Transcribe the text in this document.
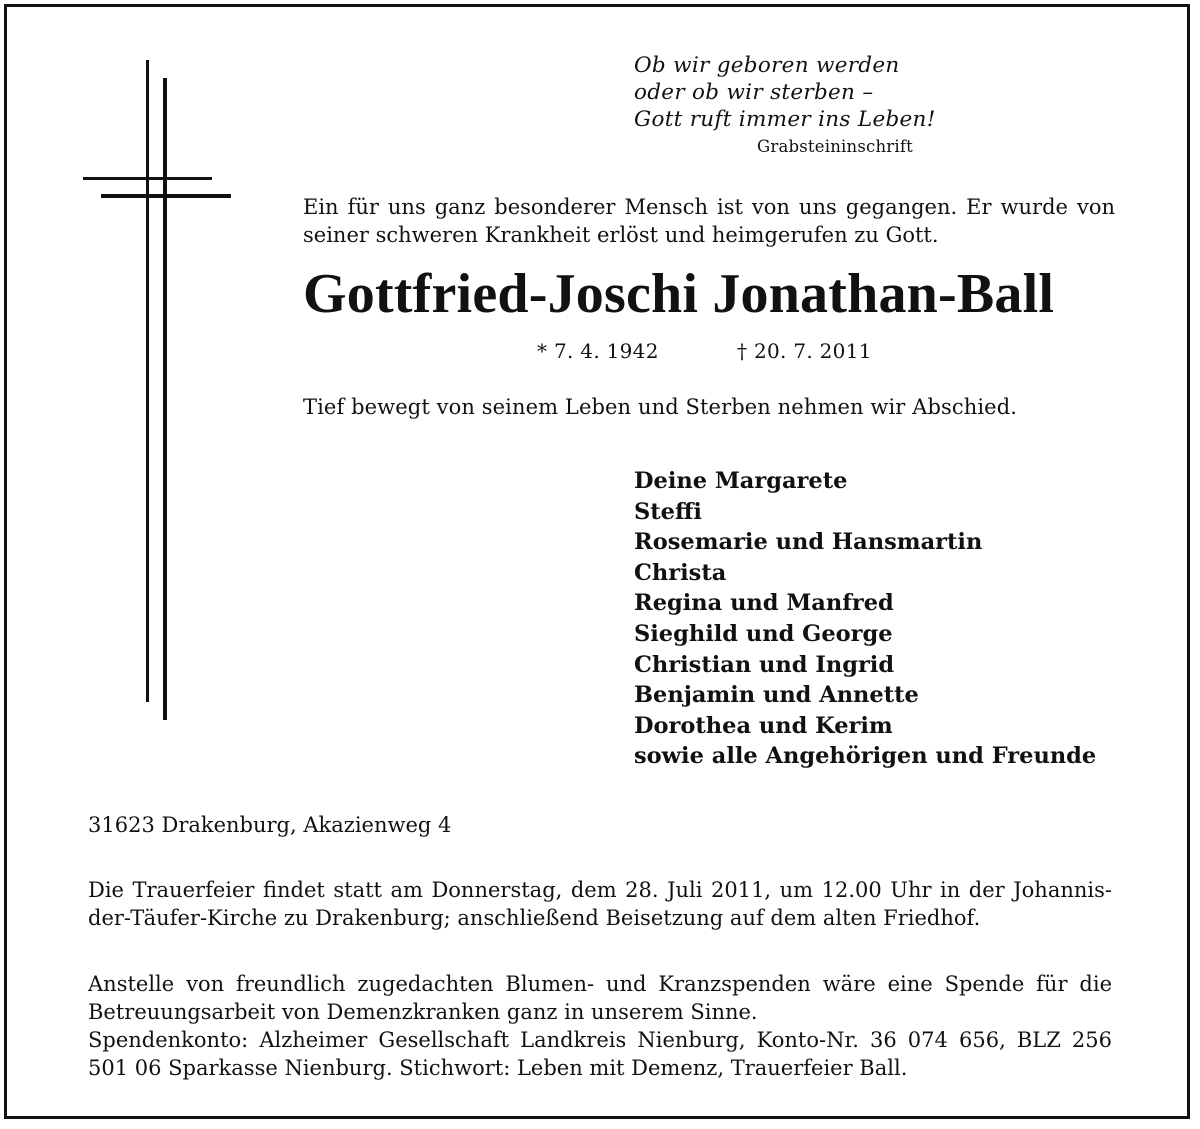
Ob wir geboren werden
oder ob wir sterben –
Gott ruft immer ins Leben!
Grabsteininschrift
Ein für uns ganz besonderer Mensch ist von uns gegangen. Er wurde von seiner schweren Krankheit erlöst und heimgerufen zu Gott.
Gottfried-Joschi Jonathan-Ball
* 7. 4. 1942	† 20. 7. 2011
Tief bewegt von seinem Leben und Sterben nehmen wir Abschied.
Deine Margarete
Steffi
Rosemarie und Hansmartin
Christa
Regina und Manfred
Sieghild und George
Christian und Ingrid
Benjamin und Annette
Dorothea und Kerim
sowie alle Angehörigen und Freunde
31623 Drakenburg, Akazienweg 4

Die Trauerfeier findet statt am Donnerstag, dem 28. Juli 2011, um 12.00 Uhr in der Johannis-der-Täufer-Kirche zu Drakenburg; anschließend Beisetzung auf dem alten Friedhof.

Anstelle von freundlich zugedachten Blumen- und Kranzspenden wäre eine Spende für die Betreuungsarbeit von Demenzkranken ganz in unserem Sinne.
Spendenkonto: Alzheimer Gesellschaft Landkreis Nienburg, Konto-Nr. 36 074 656, BLZ 256 501 06 Sparkasse Nienburg. Stichwort: Leben mit Demenz, Trauerfeier Ball.
